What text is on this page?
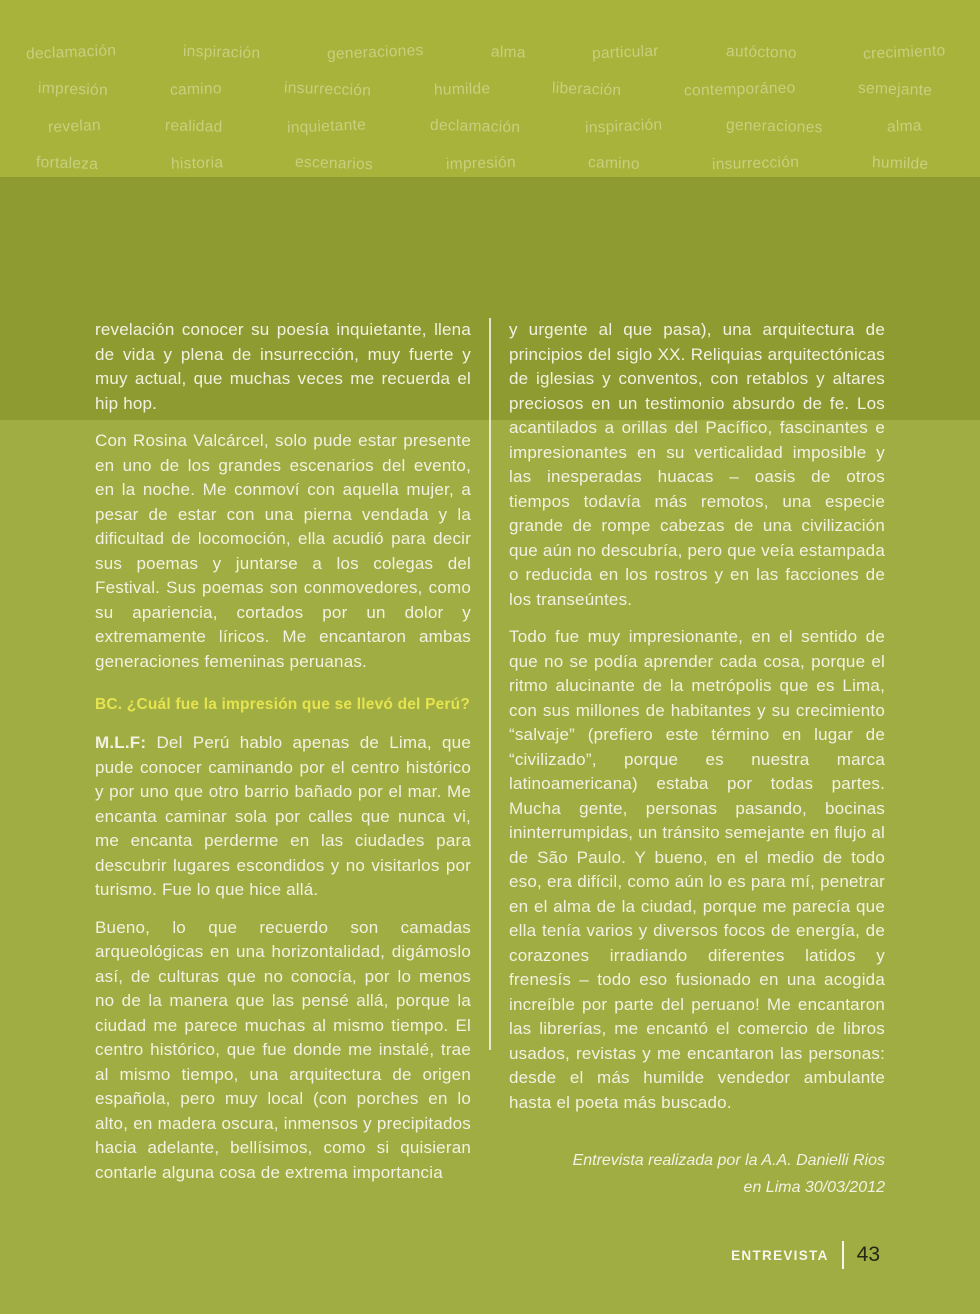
declamación	inspiración	generaciones	alma	particular	autóctono	crecimiento
impresión	camino	insurrección	humilde	liberación	contemporáneo	semejante
revelan	realidad	inquietante	declamación	inspiración	generaciones	alma
fortaleza	historia	escenarios	impresión	camino	insurrección	humilde

revelación conocer su poesía inquietante, llena de vida y plena de insurrección, muy fuerte y muy actual, que muchas veces me recuerda el hip hop.

Con Rosina Valcárcel, solo pude estar presente en uno de los grandes escenarios del evento, en la noche. Me conmoví con aquella mujer, a pesar de estar con una pierna vendada y la dificultad de locomoción, ella acudió para decir sus poemas y juntarse a los colegas del Festival. Sus poemas son conmovedores, como su apariencia, cortados por un dolor y extremamente líricos. Me encantaron ambas generaciones femeninas peruanas.

BC. ¿Cuál fue la impresión que se llevó del Perú?

M.L.F: Del Perú hablo apenas de Lima, que pude conocer caminando por el centro histórico y por uno que otro barrio bañado por el mar. Me encanta caminar sola por calles que nunca vi, me encanta perderme en las ciudades para descubrir lugares escondidos y no visitarlos por turismo. Fue lo que hice allá.

Bueno, lo que recuerdo son camadas arqueológicas en una horizontalidad, digámoslo así, de culturas que no conocía, por lo menos no de la manera que las pensé allá, porque la ciudad me parece muchas al mismo tiempo. El centro histórico, que fue donde me instalé, trae al mismo tiempo, una arquitectura de origen española, pero muy local (con porches en lo alto, en madera oscura, inmensos y precipitados hacia adelante, bellísimos, como si quisieran contarle alguna cosa de extrema importancia

y urgente al que pasa), una arquitectura de principios del siglo XX. Reliquias arquitectónicas de iglesias y conventos, con retablos y altares preciosos en un testimonio absurdo de fe. Los acantilados a orillas del Pacífico, fascinantes e impresionantes en su verticalidad imposible y las inesperadas huacas – oasis de otros tiempos todavía más remotos, una especie grande de rompe cabezas de una civilización que aún no descubría, pero que veía estampada o reducida en los rostros y en las facciones de los transeúntes.

Todo fue muy impresionante, en el sentido de que no se podía aprender cada cosa, porque el ritmo alucinante de la metrópolis que es Lima, con sus millones de habitantes y su crecimiento “salvaje” (prefiero este término en lugar de “civilizado”, porque es nuestra marca latinoamericana) estaba por todas partes. Mucha gente, personas pasando, bocinas ininterrumpidas, un tránsito semejante en flujo al de São Paulo. Y bueno, en el medio de todo eso, era difícil, como aún lo es para mí, penetrar en el alma de la ciudad, porque me parecía que ella tenía varios y diversos focos de energía, de corazones irradiando diferentes latidos y frenesís – todo eso fusionado en una acogida increíble por parte del peruano! Me encantaron las librerías, me encantó el comercio de libros usados, revistas y me encantaron las personas: desde el más humilde vendedor ambulante hasta el poeta más buscado.

Entrevista realizada por la A.A. Danielli Rios
en Lima 30/03/2012
ENTREVISTA 43
